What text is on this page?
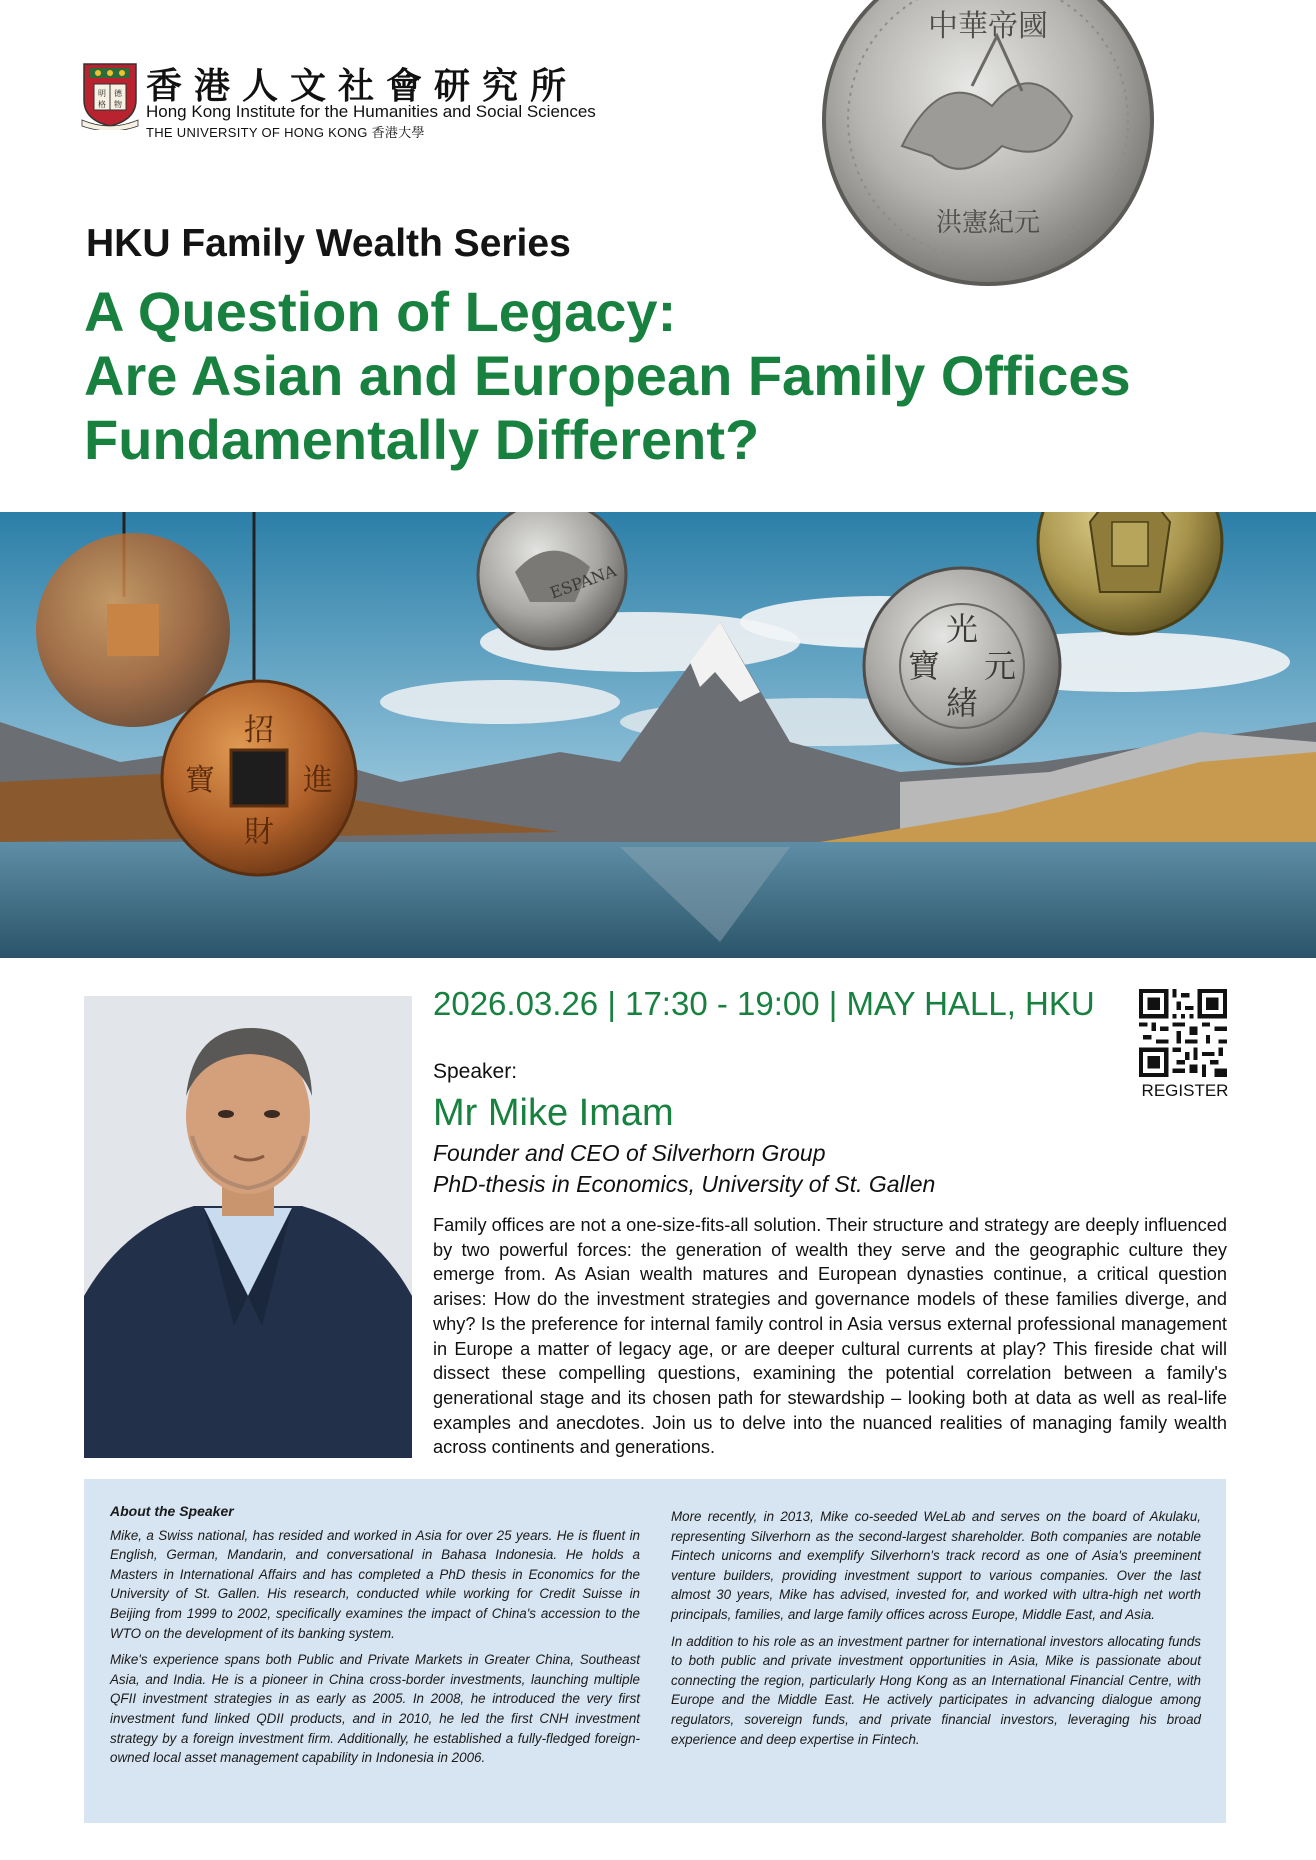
明 德
格 物 香港人文社會研究所
Hong Kong Institute for the Humanities and Social Sciences
THE UNIVERSITY OF HONG KONG 香港大學
中華帝國
洪憲紀元
HKU Family Wealth Series
A Question of Legacy:
Are Asian and European Family Offices
Fundamentally Different?
招
進
財
寶
ESPANA
光
元
緒
寶
2026.03.26 | 17:30 - 19:00 | MAY HALL, HKU
REGISTER
Speaker:
Mr Mike Imam
Founder and CEO of Silverhorn Group
PhD-thesis in Economics, University of St. Gallen
Family offices are not a one-size-fits-all solution. Their structure and strategy are deeply influenced by two powerful forces: the generation of wealth they serve and the geographic culture they emerge from. As Asian wealth matures and European dynasties continue, a critical question arises: How do the investment strategies and governance models of these families diverge, and why? Is the preference for internal family control in Asia versus external professional management in Europe a matter of legacy age, or are deeper cultural currents at play? This fireside chat will dissect these compelling questions, examining the potential correlation between a family's generational stage and its chosen path for stewardship – looking both at data as well as real-life examples and anecdotes. Join us to delve into the nuanced realities of managing family wealth across continents and generations.
About the Speaker

Mike, a Swiss national, has resided and worked in Asia for over 25 years. He is fluent in English, German, Mandarin, and conversational in Bahasa Indonesia. He holds a Masters in International Affairs and has completed a PhD thesis in Economics for the University of St. Gallen. His research, conducted while working for Credit Suisse in Beijing from 1999 to 2002, specifically examines the impact of China's accession to the WTO on the development of its banking system.

Mike's experience spans both Public and Private Markets in Greater China, Southeast Asia, and India. He is a pioneer in China cross-border investments, launching multiple QFII investment strategies in as early as 2005. In 2008, he introduced the very first investment fund linked QDII products, and in 2010, he led the first CNH investment strategy by a foreign investment firm. Additionally, he established a fully-fledged foreign-owned local asset management capability in Indonesia in 2006.

More recently, in 2013, Mike co-seeded WeLab and serves on the board of Akulaku, representing Silverhorn as the second-largest shareholder. Both companies are notable Fintech unicorns and exemplify Silverhorn's track record as one of Asia's preeminent venture builders, providing investment support to various companies. Over the last almost 30 years, Mike has advised, invested for, and worked with ultra-high net worth principals, families, and large family offices across Europe, Middle East, and Asia.

In addition to his role as an investment partner for international investors allocating funds to both public and private investment opportunities in Asia, Mike is passionate about connecting the region, particularly Hong Kong as an International Financial Centre, with Europe and the Middle East. He actively participates in advancing dialogue among regulators, sovereign funds, and private financial investors, leveraging his broad experience and deep expertise in Fintech.
